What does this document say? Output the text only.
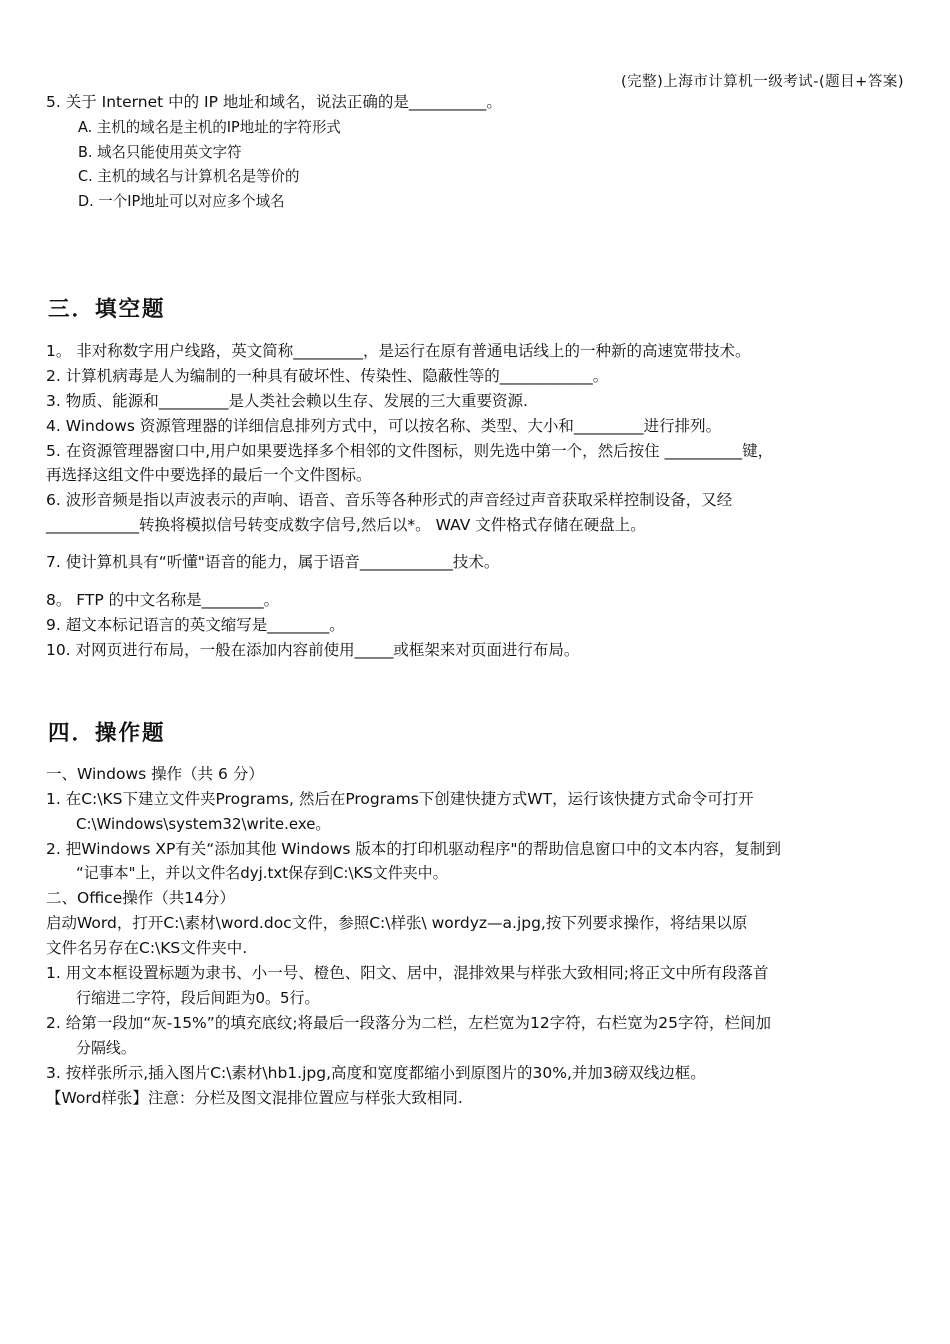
(完整)上海市计算机一级考试-(题目+答案)
5. 关于 Internet 中的 IP 地址和域名，说法正确的是__________。
A. 主机的域名是主机的IP地址的字符形式
B. 域名只能使用英文字符
C. 主机的域名与计算机名是等价的
D. 一个IP地址可以对应多个域名
三．填空题
1。 非对称数字用户线路，英文简称_________，是运行在原有普通电话线上的一种新的高速宽带技术。
2. 计算机病毒是人为编制的一种具有破坏性、传染性、隐蔽性等的____________。
3. 物质、能源和_________是人类社会赖以生存、发展的三大重要资源.
4. Windows 资源管理器的详细信息排列方式中，可以按名称、类型、大小和_________进行排列。
5. 在资源管理器窗口中,用户如果要选择多个相邻的文件图标，则先选中第一个，然后按住 __________键，
再选择这组文件中要选择的最后一个文件图标。
6. 波形音频是指以声波表示的声响、语音、音乐等各种形式的声音经过声音获取采样控制设备，又经
____________转换将模拟信号转变成数字信号,然后以*。 WAV 文件格式存储在硬盘上。
7. 使计算机具有“听懂"语音的能力，属于语音____________技术。
8。 FTP 的中文名称是________。
9. 超文本标记语言的英文缩写是________。
10. 对网页进行布局，一般在添加内容前使用_____或框架来对页面进行布局。
四．操作题
一、Windows 操作（共 6 分）
1. 在C:\KS下建立文件夹Programs, 然后在Programs下创建快捷方式WT，运行该快捷方式命令可打开
C:\Windows\system32\write.exe。
2. 把Windows XP有关“添加其他 Windows 版本的打印机驱动程序"的帮助信息窗口中的文本内容，复制到
“记事本"上，并以文件名dyj.txt保存到C:\KS文件夹中。
二、Office操作（共14分）
启动Word，打开C:\素材\word.doc文件，参照C:\样张\ wordyz—a.jpg,按下列要求操作，将结果以原
文件名另存在C:\KS文件夹中.
1. 用文本框设置标题为隶书、小一号、橙色、阳文、居中，混排效果与样张大致相同;将正文中所有段落首
行缩进二字符，段后间距为0。5行。
2. 给第一段加“灰-15%”的填充底纹;将最后一段落分为二栏，左栏宽为12字符，右栏宽为25字符，栏间加
分隔线。
3. 按样张所示,插入图片C:\素材\hb1.jpg,高度和宽度都缩小到原图片的30%,并加3磅双线边框。
【Word样张】注意：分栏及图文混排位置应与样张大致相同.
